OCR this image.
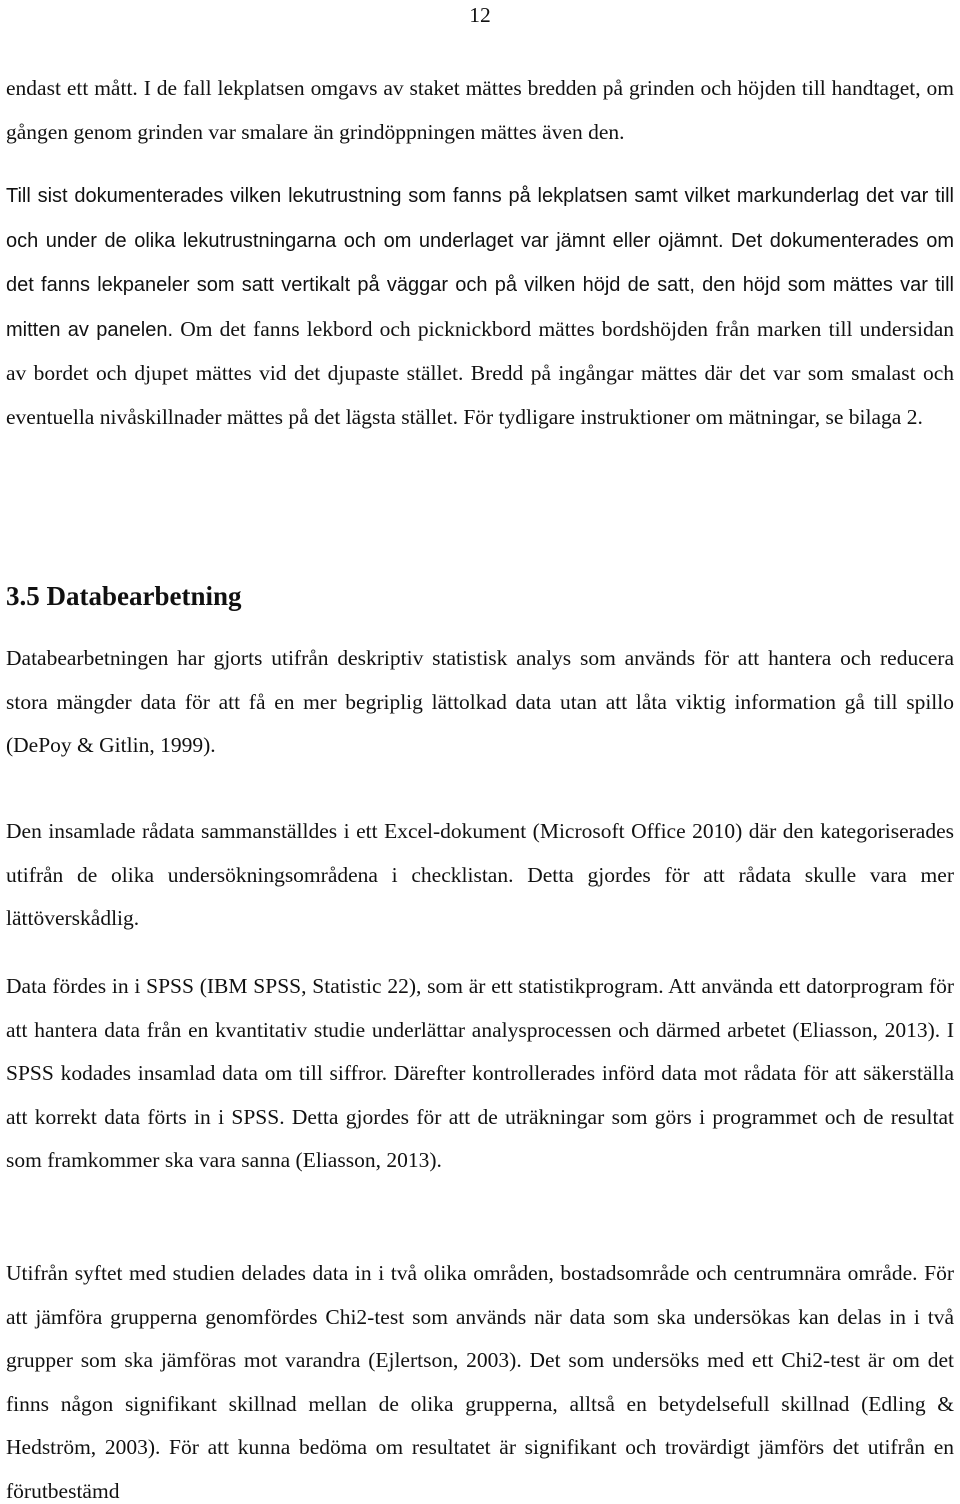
12

endast ett mått. I de fall lekplatsen omgavs av staket mättes bredden på grinden och höjden till handtaget, om gången genom grinden var smalare än grindöppningen mättes även den.

Till sist dokumenterades vilken lekutrustning som fanns på lekplatsen samt vilket markunderlag det var till och under de olika lekutrustningarna och om underlaget var jämnt eller ojämnt. Det dokumenterades om det fanns lekpaneler som satt vertikalt på väggar och på vilken höjd de satt, den höjd som mättes var till mitten av panelen. Om det fanns lekbord och picknickbord mättes bordshöjden från marken till undersidan av bordet och djupet mättes vid det djupaste stället. Bredd på ingångar mättes där det var som smalast och eventuella nivåskillnader mättes på det lägsta stället. För tydligare instruktioner om mätningar, se bilaga 2.

3.5 Databearbetning

Databearbetningen har gjorts utifrån deskriptiv statistisk analys som används för att hantera och reducera stora mängder data för att få en mer begriplig lättolkad data utan att låta viktig information gå till spillo (DePoy & Gitlin, 1999).

Den insamlade rådata sammanställdes i ett Excel-dokument (Microsoft Office 2010) där den kategoriserades utifrån de olika undersökningsområdena i checklistan. Detta gjordes för att rådata skulle vara mer lättöverskådlig.

Data fördes in i SPSS (IBM SPSS, Statistic 22), som är ett statistikprogram. Att använda ett datorprogram för att hantera data från en kvantitativ studie underlättar analysprocessen och därmed arbetet (Eliasson, 2013). I SPSS kodades insamlad data om till siffror. Därefter kontrollerades införd data mot rådata för att säkerställa att korrekt data förts in i SPSS. Detta gjordes för att de uträkningar som görs i programmet och de resultat som framkommer ska vara sanna (Eliasson, 2013).

Utifrån syftet med studien delades data in i två olika områden, bostadsområde och centrumnära område. För att jämföra grupperna genomfördes Chi2-test som används när data som ska undersökas kan delas in i två grupper som ska jämföras mot varandra (Ejlertson, 2003). Det som undersöks med ett Chi2-test är om det finns någon signifikant skillnad mellan de olika grupperna, alltså en betydelsefull skillnad (Edling & Hedström, 2003). För att kunna bedöma om resultatet är signifikant och trovärdigt jämförs det utifrån en förutbestämd
